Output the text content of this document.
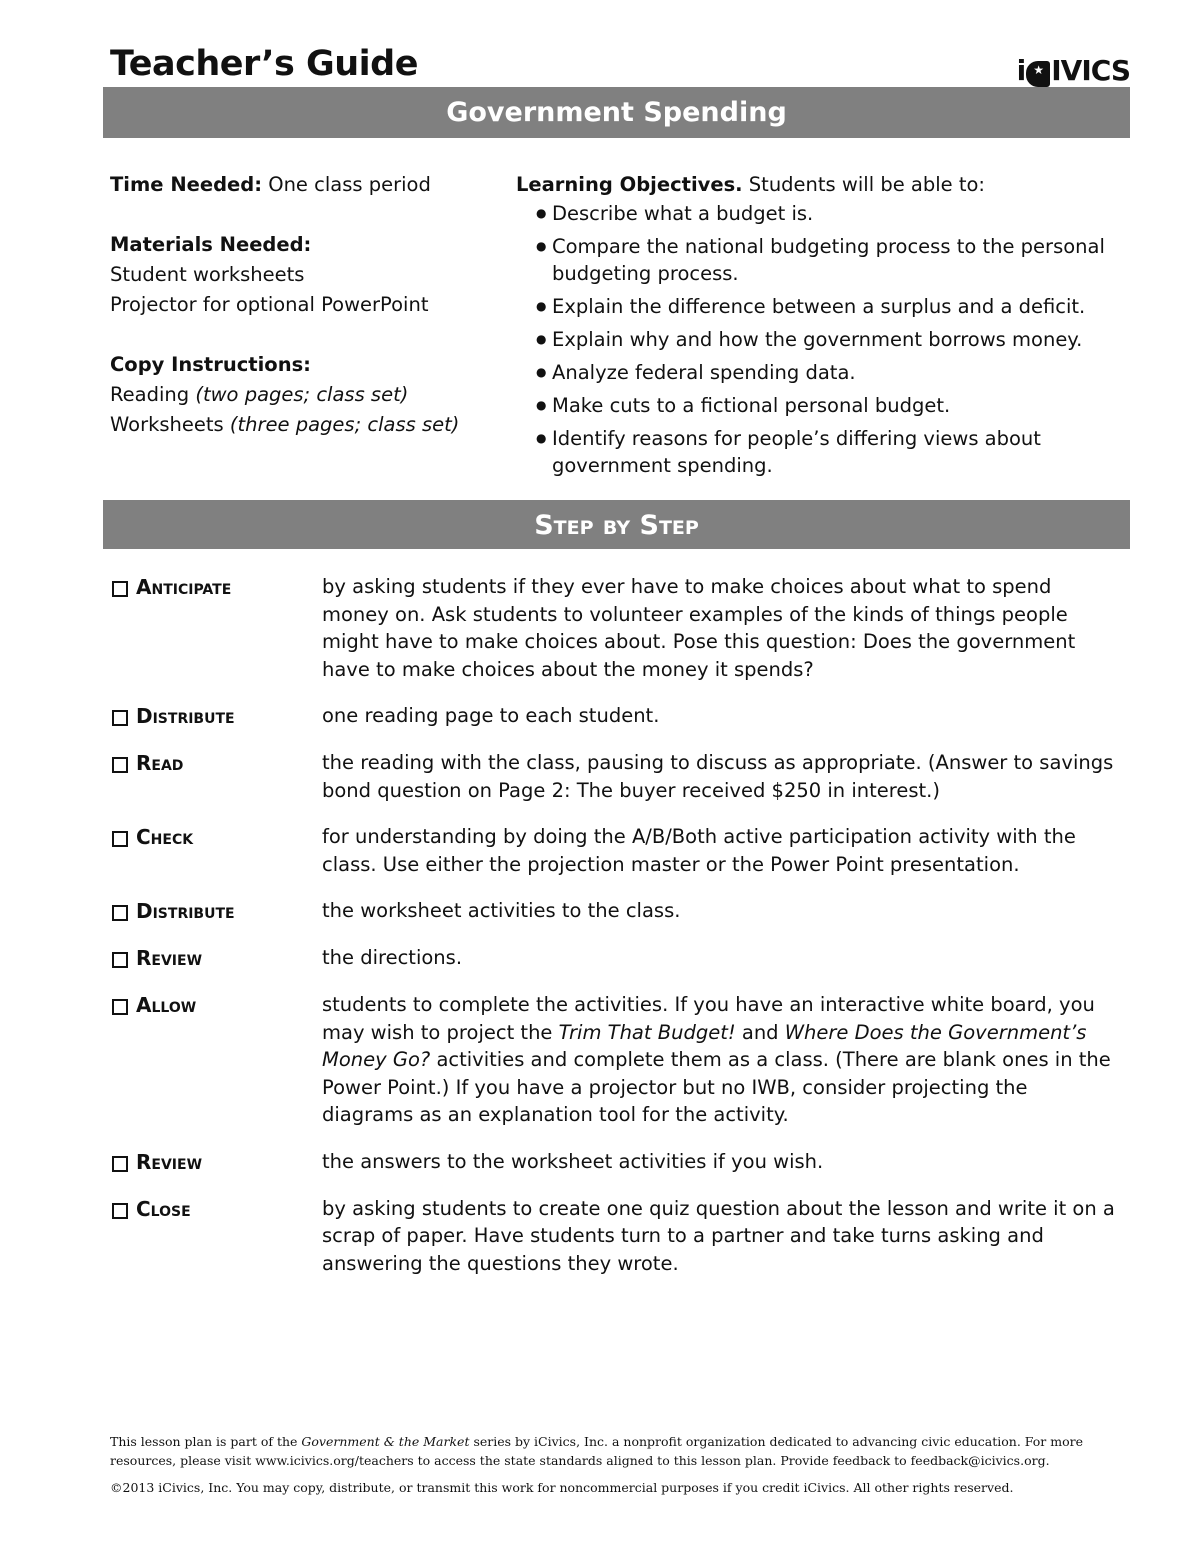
Teacher’s Guide	i
★ IVICS
Government Spending
Time Needed: One class period
Materials Needed:
Student worksheets
Projector for optional PowerPoint
Copy Instructions:
Reading (two pages; class set)
Worksheets (three pages; class set)
Learning Objectives. Students will be able to:
● Describe what a budget is.
● Compare the national budgeting process to the personal budgeting process.
● Explain the difference between a surplus and a deficit.
● Explain why and how the government borrows money.
● Analyze federal spending data.
● Make cuts to a fictional personal budget.
● Identify reasons for people’s differing views about government spending.
Step by Step
Anticipate	by asking students if they ever have to make choices about what to spend money on. Ask students to volunteer examples of the kinds of things people might have to make choices about. Pose this question: Does the government have to make choices about the money it spends?
Distribute	one reading page to each student.
Read	the reading with the class, pausing to discuss as appropriate. (Answer to savings bond question on Page 2: The buyer received $250 in interest.)
Check	for understanding by doing the A/B/Both active participation activity with the class. Use either the projection master or the Power Point presentation.
Distribute	the worksheet activities to the class.
Review	the directions.
Allow	students to complete the activities. If you have an interactive white board, you may wish to project the Trim That Budget! and Where Does the Government’s Money Go? activities and complete them as a class. (There are blank ones in the Power Point.) If you have a projector but no IWB, consider projecting the diagrams as an explanation tool for the activity.
Review	the answers to the worksheet activities if you wish.
Close	by asking students to create one quiz question about the lesson and write it on a scrap of paper. Have students turn to a partner and take turns asking and answering the questions they wrote.
This lesson plan is part of the Government & the Market series by iCivics, Inc. a nonprofit organization dedicated to advancing civic education. For more resources, please visit www.icivics.org/teachers to access the state standards aligned to this lesson plan. Provide feedback to feedback@icivics.org.
©2013 iCivics, Inc. You may copy, distribute, or transmit this work for noncommercial purposes if you credit iCivics. All other rights reserved.
